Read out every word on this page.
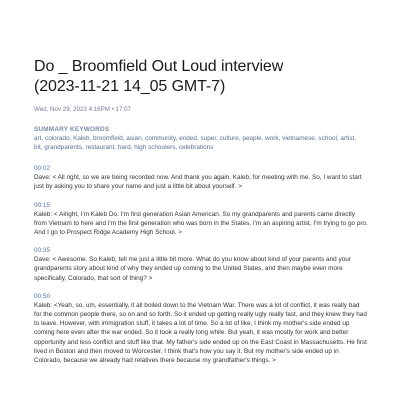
Do _ Broomfield Out Loud interview
(2023-11-21 14_05 GMT-7)
Wed, Nov 29, 2023 4:16PM • 17:07
SUMMARY KEYWORDS
art, colorado, Kaleb, broomfield, asian, community, ended, super, culture, people, work, vietnamese, school, artist, bit, grandparents, restaurant, hard, high schoolers, celebrations
00:02
Dave: < All right, so we are being recorded now. And thank you again, Kaleb, for meeting with me. So, I want to start just by asking you to share your name and just a little bit about yourself. >
00:15
Kaleb: < Alright, I'm Kaleb Do. I'm first generation Asian American. So my grandparents and parents came directly from Vietnam to here and I'm the first generation who was born in the States. I'm an aspiring artist, I'm trying to go pro. And I go to Prospect Ridge Academy High School. >
00:35
Dave: < Awesome. So Kaleb, tell me just a little bit more. What do you know about kind of your parents and your grandparents story about kind of why they ended up coming to the United States, and then maybe even more specifically, Colorado, that sort of thing? >
00:50
Kaleb: <Yeah, so, um, essentially, it all boiled down to the Vietnam War. There was a lot of conflict, it was really bad for the common people there, so on and so forth. So it ended up getting really ugly really fast, and they knew they had to leave. However, with immigration stuff, it takes a lot of time. So a lot of like, I think my mother's side ended up coming here even after the war ended. So it took a really long while. But yeah, it was mostly for work and better opportunity and less conflict and stuff like that. My father's side ended up on the East Coast in Massachusetts. He first lived in Boston and then moved to Worcester. I think that's how you say it. But my mother's side ended up in Colorado, because we already had relatives there because my grandfather's things. >
